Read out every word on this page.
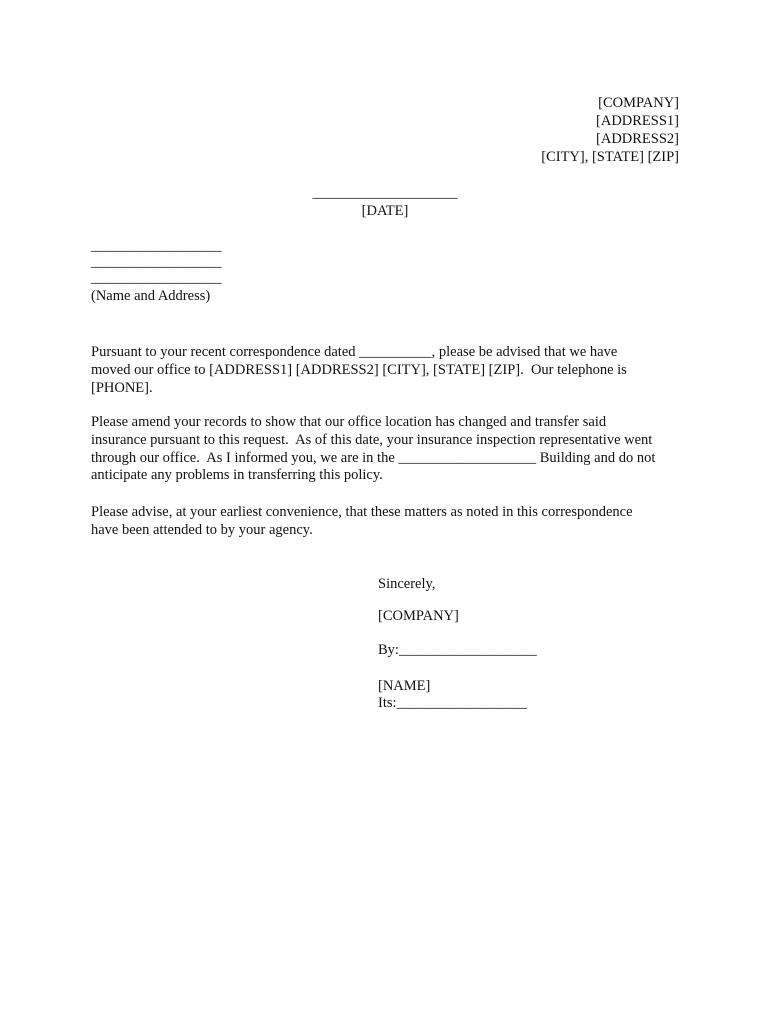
[COMPANY]
[ADDRESS1]
[ADDRESS2]
[CITY], [STATE] [ZIP]
____________________
[DATE]
__________________
__________________
__________________
(Name and Address)
Pursuant to your recent correspondence dated __________, please be advised that we have
moved our office to [ADDRESS1] [ADDRESS2] [CITY], [STATE] [ZIP].  Our telephone is
[PHONE].
Please amend your records to show that our office location has changed and transfer said
insurance pursuant to this request.  As of this date, your insurance inspection representative went
through our office.  As I informed you, we are in the ___________________ Building and do not
anticipate any problems in transferring this policy.
Please advise, at your earliest convenience, that these matters as noted in this correspondence
have been attended to by your agency.
Sincerely,
[COMPANY]
By:___________________
[NAME]
Its:__________________
